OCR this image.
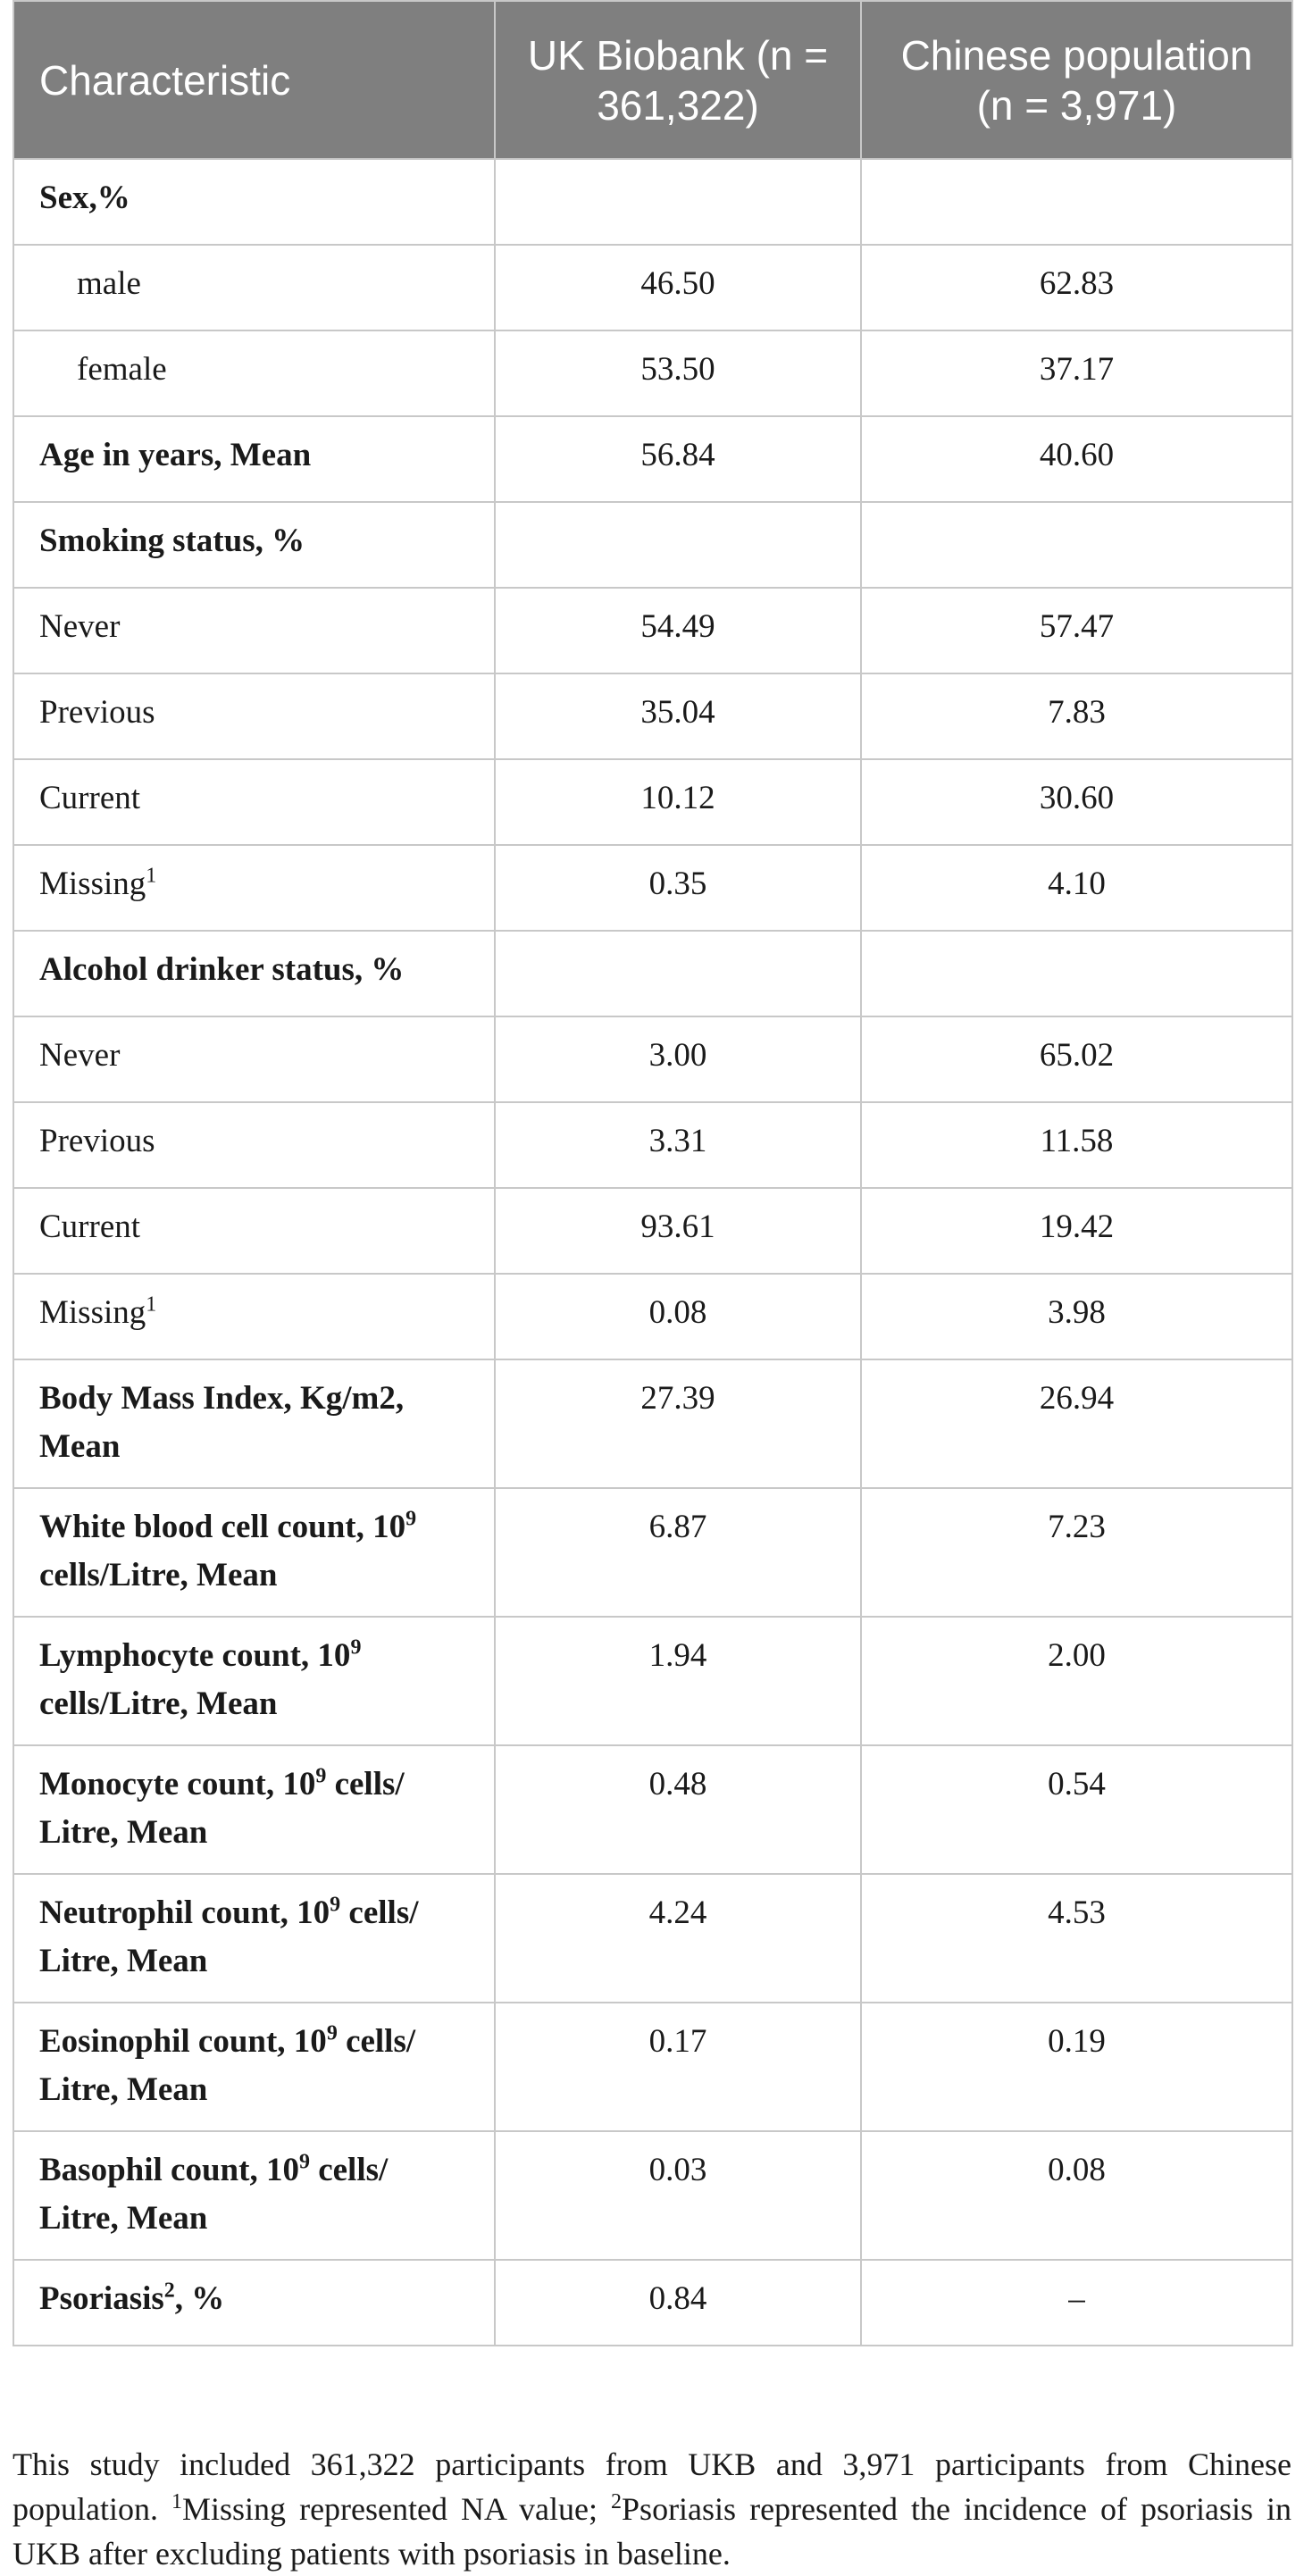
Characteristic	UK Biobank (n = 361,322)	Chinese population (n = 3,971)
Sex,%		
male	46.50	62.83
female	53.50	37.17
Age in years, Mean	56.84	40.60
Smoking status, %		
Never	54.49	57.47
Previous	35.04	7.83
Current	10.12	30.60
Missing$^1$	0.35	4.10
Alcohol drinker status, %		
Never	3.00	65.02
Previous	3.31	11.58
Current	93.61	19.42
Missing$^1$	0.08	3.98
Body Mass Index, Kg/m2, Mean	27.39	26.94
White blood cell count, $10^9$ cells/Litre, Mean	6.87	7.23
Lymphocyte count, $10^9$ cells/Litre, Mean	1.94	2.00
Monocyte count, $10^9$ cells/ Litre, Mean	0.48	0.54
Neutrophil count, $10^9$ cells/ Litre, Mean	4.24	4.53
Eosinophil count, $10^9$ cells/ Litre, Mean	0.17	0.19
Basophil count, $10^9$ cells/ Litre, Mean	0.03	0.08
Psoriasis$^2$, %	0.84	–

This study included 361,322 participants from UKB and 3,971 participants from Chinese population. $^1$Missing represented NA value; $^2$Psoriasis represented the incidence of psoriasis in UKB after excluding patients with psoriasis in baseline.
